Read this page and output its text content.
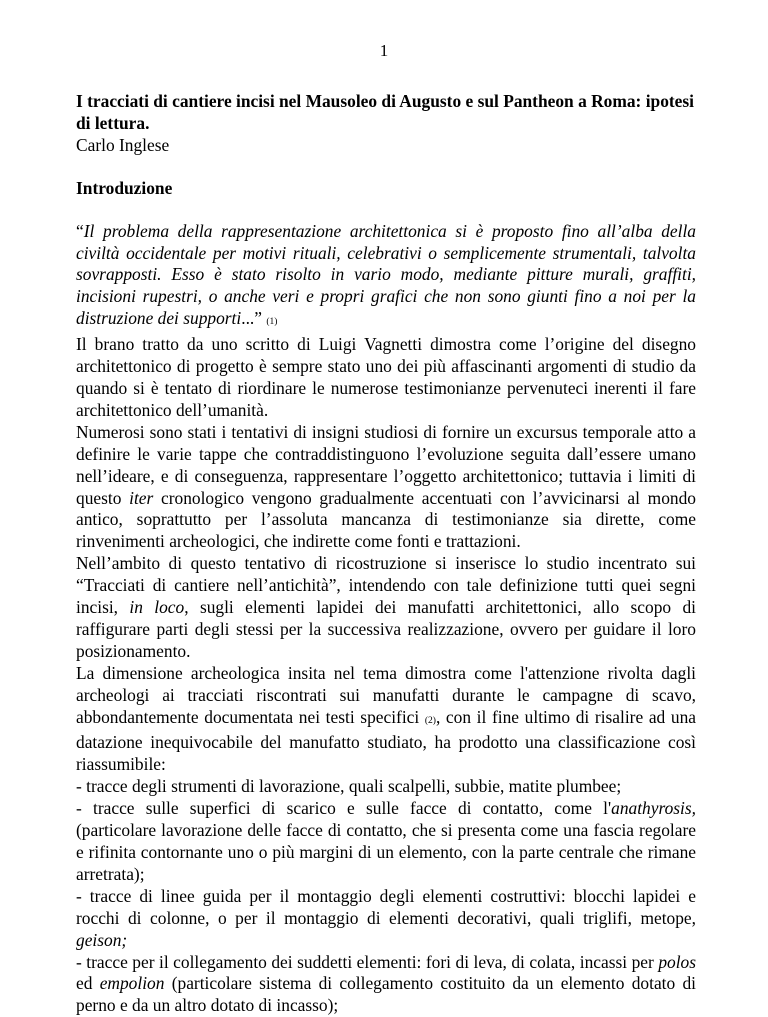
1
I tracciati di cantiere incisi nel Mausoleo di Augusto e sul Pantheon a Roma: ipotesi di lettura.
Carlo Inglese
Introduzione

“Il problema della rappresentazione architettonica si è proposto fino all’alba della civiltà occidentale per motivi rituali, celebrativi o semplicemente strumentali, talvolta sovrapposti. Esso è stato risolto in vario modo, mediante pitture murali, graffiti, incisioni rupestri, o anche veri e propri grafici che non sono giunti fino a noi per la distruzione dei supporti...” (1)

Il brano tratto da uno scritto di Luigi Vagnetti dimostra come l’origine del disegno architettonico di progetto è sempre stato uno dei più affascinanti argomenti di studio da quando si è tentato di riordinare le numerose testimonianze pervenuteci inerenti il fare architettonico dell’umanità.

Numerosi sono stati i tentativi di insigni studiosi di fornire un excursus temporale atto a definire le varie tappe che contraddistinguono l’evoluzione seguita dall’essere umano nell’ideare, e di conseguenza, rappresentare l’oggetto architettonico; tuttavia i limiti di questo iter cronologico vengono gradualmente accentuati con l’avvicinarsi al mondo antico, soprattutto per l’assoluta mancanza di testimonianze sia dirette, come rinvenimenti archeologici, che indirette come fonti e trattazioni.

Nell’ambito di questo tentativo di ricostruzione si inserisce lo studio incentrato sui “Tracciati di cantiere nell’antichità”, intendendo con tale definizione tutti quei segni incisi, in loco, sugli elementi lapidei dei manufatti architettonici, allo scopo di raffigurare parti degli stessi per la successiva realizzazione, ovvero per guidare il loro posizionamento.

La dimensione archeologica insita nel tema dimostra come l'attenzione rivolta dagli archeologi ai tracciati riscontrati sui manufatti durante le campagne di scavo, abbondantemente documentata nei testi specifici (2), con il fine ultimo di risalire ad una datazione inequivocabile del manufatto studiato, ha prodotto una classificazione così riassumibile:

- tracce degli strumenti di lavorazione, quali scalpelli, subbie, matite plumbee;

- tracce sulle superfici di scarico e sulle facce di contatto, come l'anathyrosis, (particolare lavorazione delle facce di contatto, che si presenta come una fascia regolare e rifinita contornante uno o più margini di un elemento, con la parte centrale che rimane arretrata);

- tracce di linee guida per il montaggio degli elementi costruttivi: blocchi lapidei e rocchi di colonne, o per il montaggio di elementi decorativi, quali triglifi, metope, geison;

- tracce per il collegamento dei suddetti elementi: fori di leva, di colata, incassi per polos ed empolion (particolare sistema di collegamento costituito da un elemento dotato di perno e da un altro dotato di incasso);
